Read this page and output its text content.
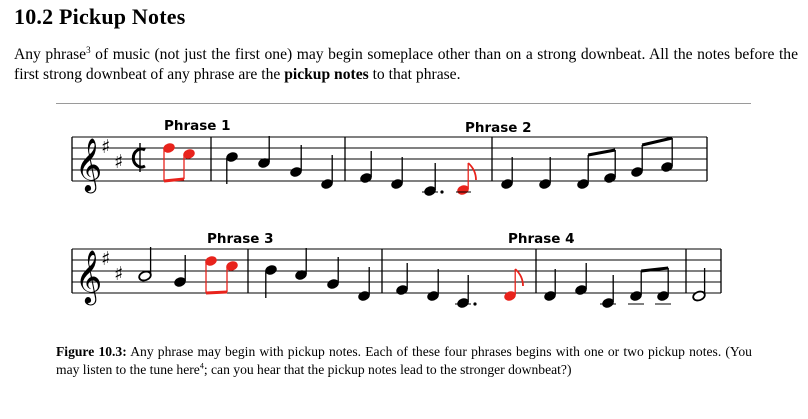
10.2 Pickup Notes

Any phrase$^3$ of music (not just the first one) may begin someplace other than on a strong downbeat. All the notes before the first strong downbeat of any phrase are the pickup notes to that phrase.

𝄞
♯
♯
Phrase 1	Phrase 2
𝄞
♯
♯
Phrase 3	Phrase 4

Figure 10.3: Any phrase may begin with pickup notes. Each of these four phrases begins with one or two pickup notes. (You may listen to the tune here$^4$; can you hear that the pickup notes lead to the stronger downbeat?)
